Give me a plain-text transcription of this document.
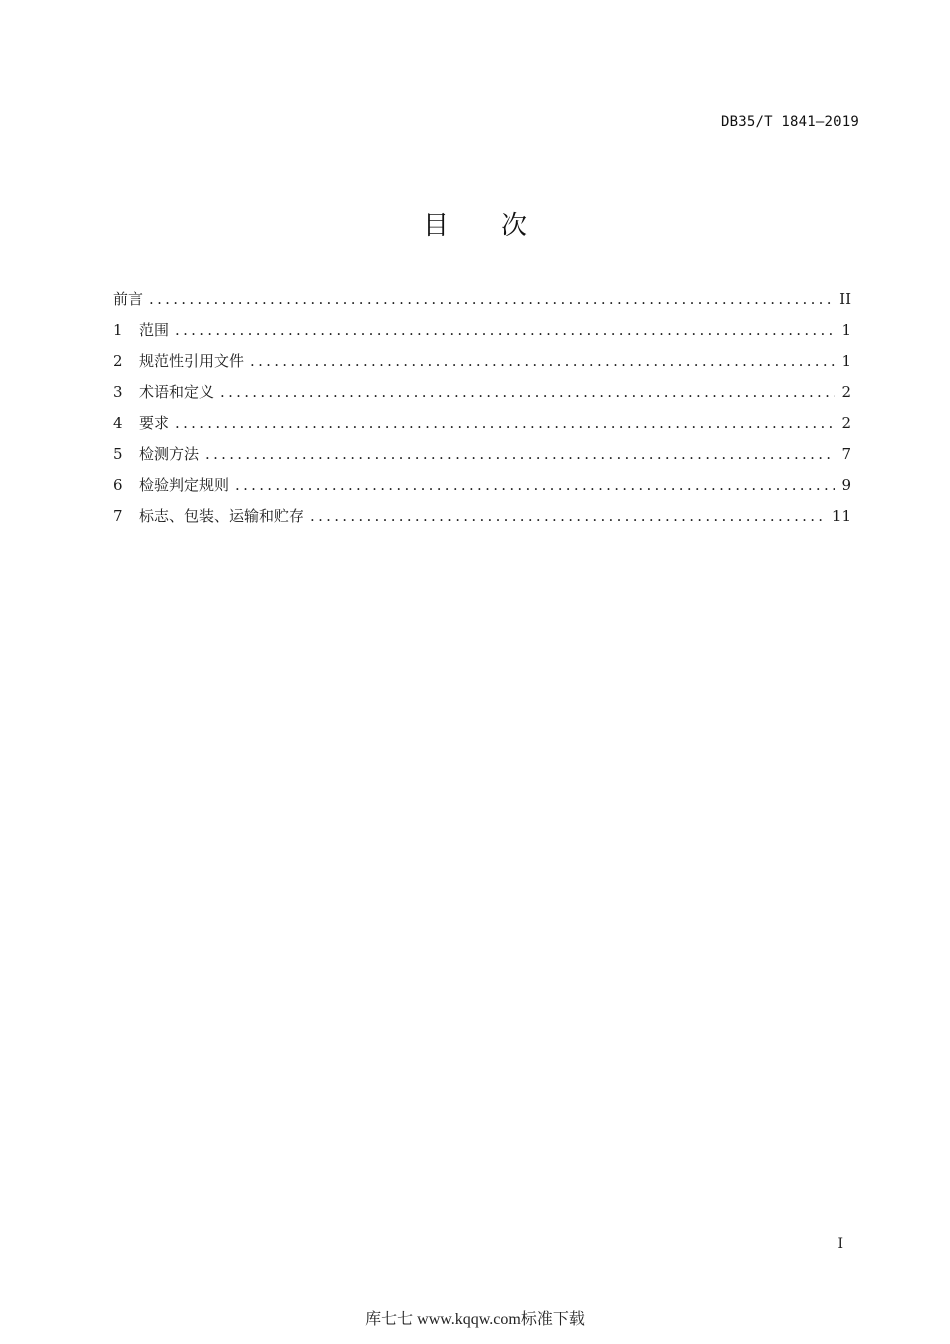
DB35/T 1841—2019
目 次
前言 .....	II
1	范围 .....	1
2	规范性引用文件 .....	1
3	术语和定义 .....	2
4	要求 .....	2
5	检测方法 .....	7
6	检验判定规则 .....	9
7	标志、包装、运输和贮存 .....	11
I
库七七 www.kqqw.com标准下载
